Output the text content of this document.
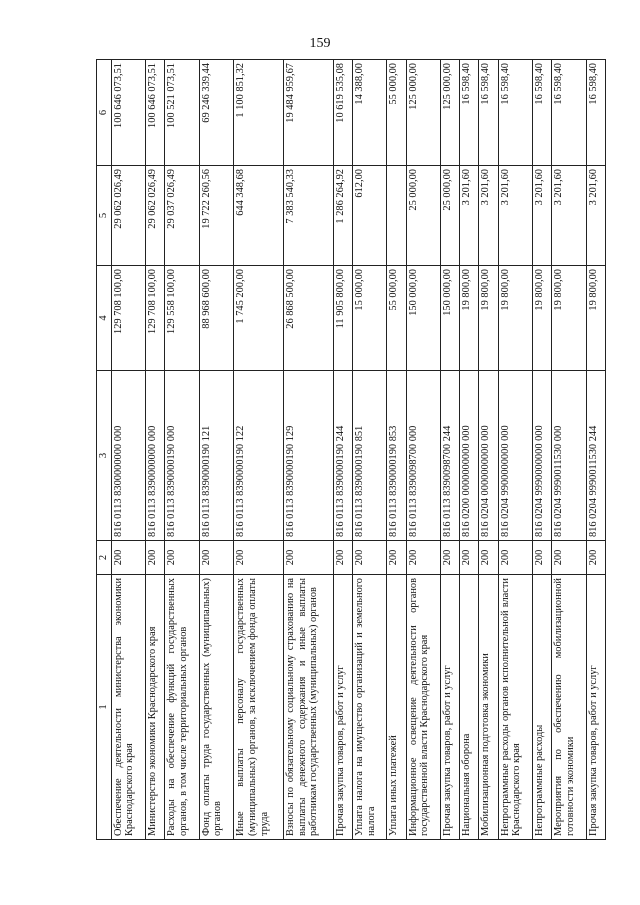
159
1	2	3	4	5	6
Обеспечение деятельности министерства экономики Краснодарского края	200	816 0113 8300000000 000	129 708 100,00	29 062 026,49	100 646 073,51
Министерство экономики Краснодарского края	200	816 0113 8390000000 000	129 708 100,00	29 062 026,49	100 646 073,51
Расходы на обеспечение функций государственных органов, в том числе территориальных органов	200	816 0113 8390000190 000	129 558 100,00	29 037 026,49	100 521 073,51
Фонд оплаты труда государственных (муниципальных) органов	200	816 0113 8390000190 121	88 968 600,00	19 722 260,56	69 246 339,44
Иные выплаты персоналу государственных (муниципальных) органов, за исключением фонда оплаты труда	200	816 0113 8390000190 122	1 745 200,00	644 348,68	1 100 851,32
Взносы по обязательному социальному страхованию на выплаты денежного содержания и иные выплаты работникам государственных (муниципальных) органов	200	816 0113 8390000190 129	26 868 500,00	7 383 540,33	19 484 959,67
Прочая закупка товаров, работ и услуг	200	816 0113 8390000190 244	11 905 800,00	1 286 264,92	10 619 535,08
Уплата налога на имущество организаций и земельного налога	200	816 0113 8390000190 851	15 000,00	612,00	14 388,00
Уплата иных платежей	200	816 0113 8390000190 853	55 000,00		55 000,00
Информационное освещение деятельности органов государственной власти Краснодарского края	200	816 0113 8390098700 000	150 000,00	25 000,00	125 000,00
Прочая закупка товаров, работ и услуг	200	816 0113 8390098700 244	150 000,00	25 000,00	125 000,00
Национальная оборона	200	816 0200 0000000000 000	19 800,00	3 201,60	16 598,40
Мобилизационная подготовка экономики	200	816 0204 0000000000 000	19 800,00	3 201,60	16 598,40
Непрограммные расходы органов исполнительной власти Краснодарского края	200	816 0204 9900000000 000	19 800,00	3 201,60	16 598,40
Непрограммные расходы	200	816 0204 9990000000 000	19 800,00	3 201,60	16 598,40
Мероприятия по обеспечению мобилизационной готовности экономики	200	816 0204 9990011530 000	19 800,00	3 201,60	16 598,40
Прочая закупка товаров, работ и услуг	200	816 0204 9990011530 244	19 800,00	3 201,60	16 598,40
